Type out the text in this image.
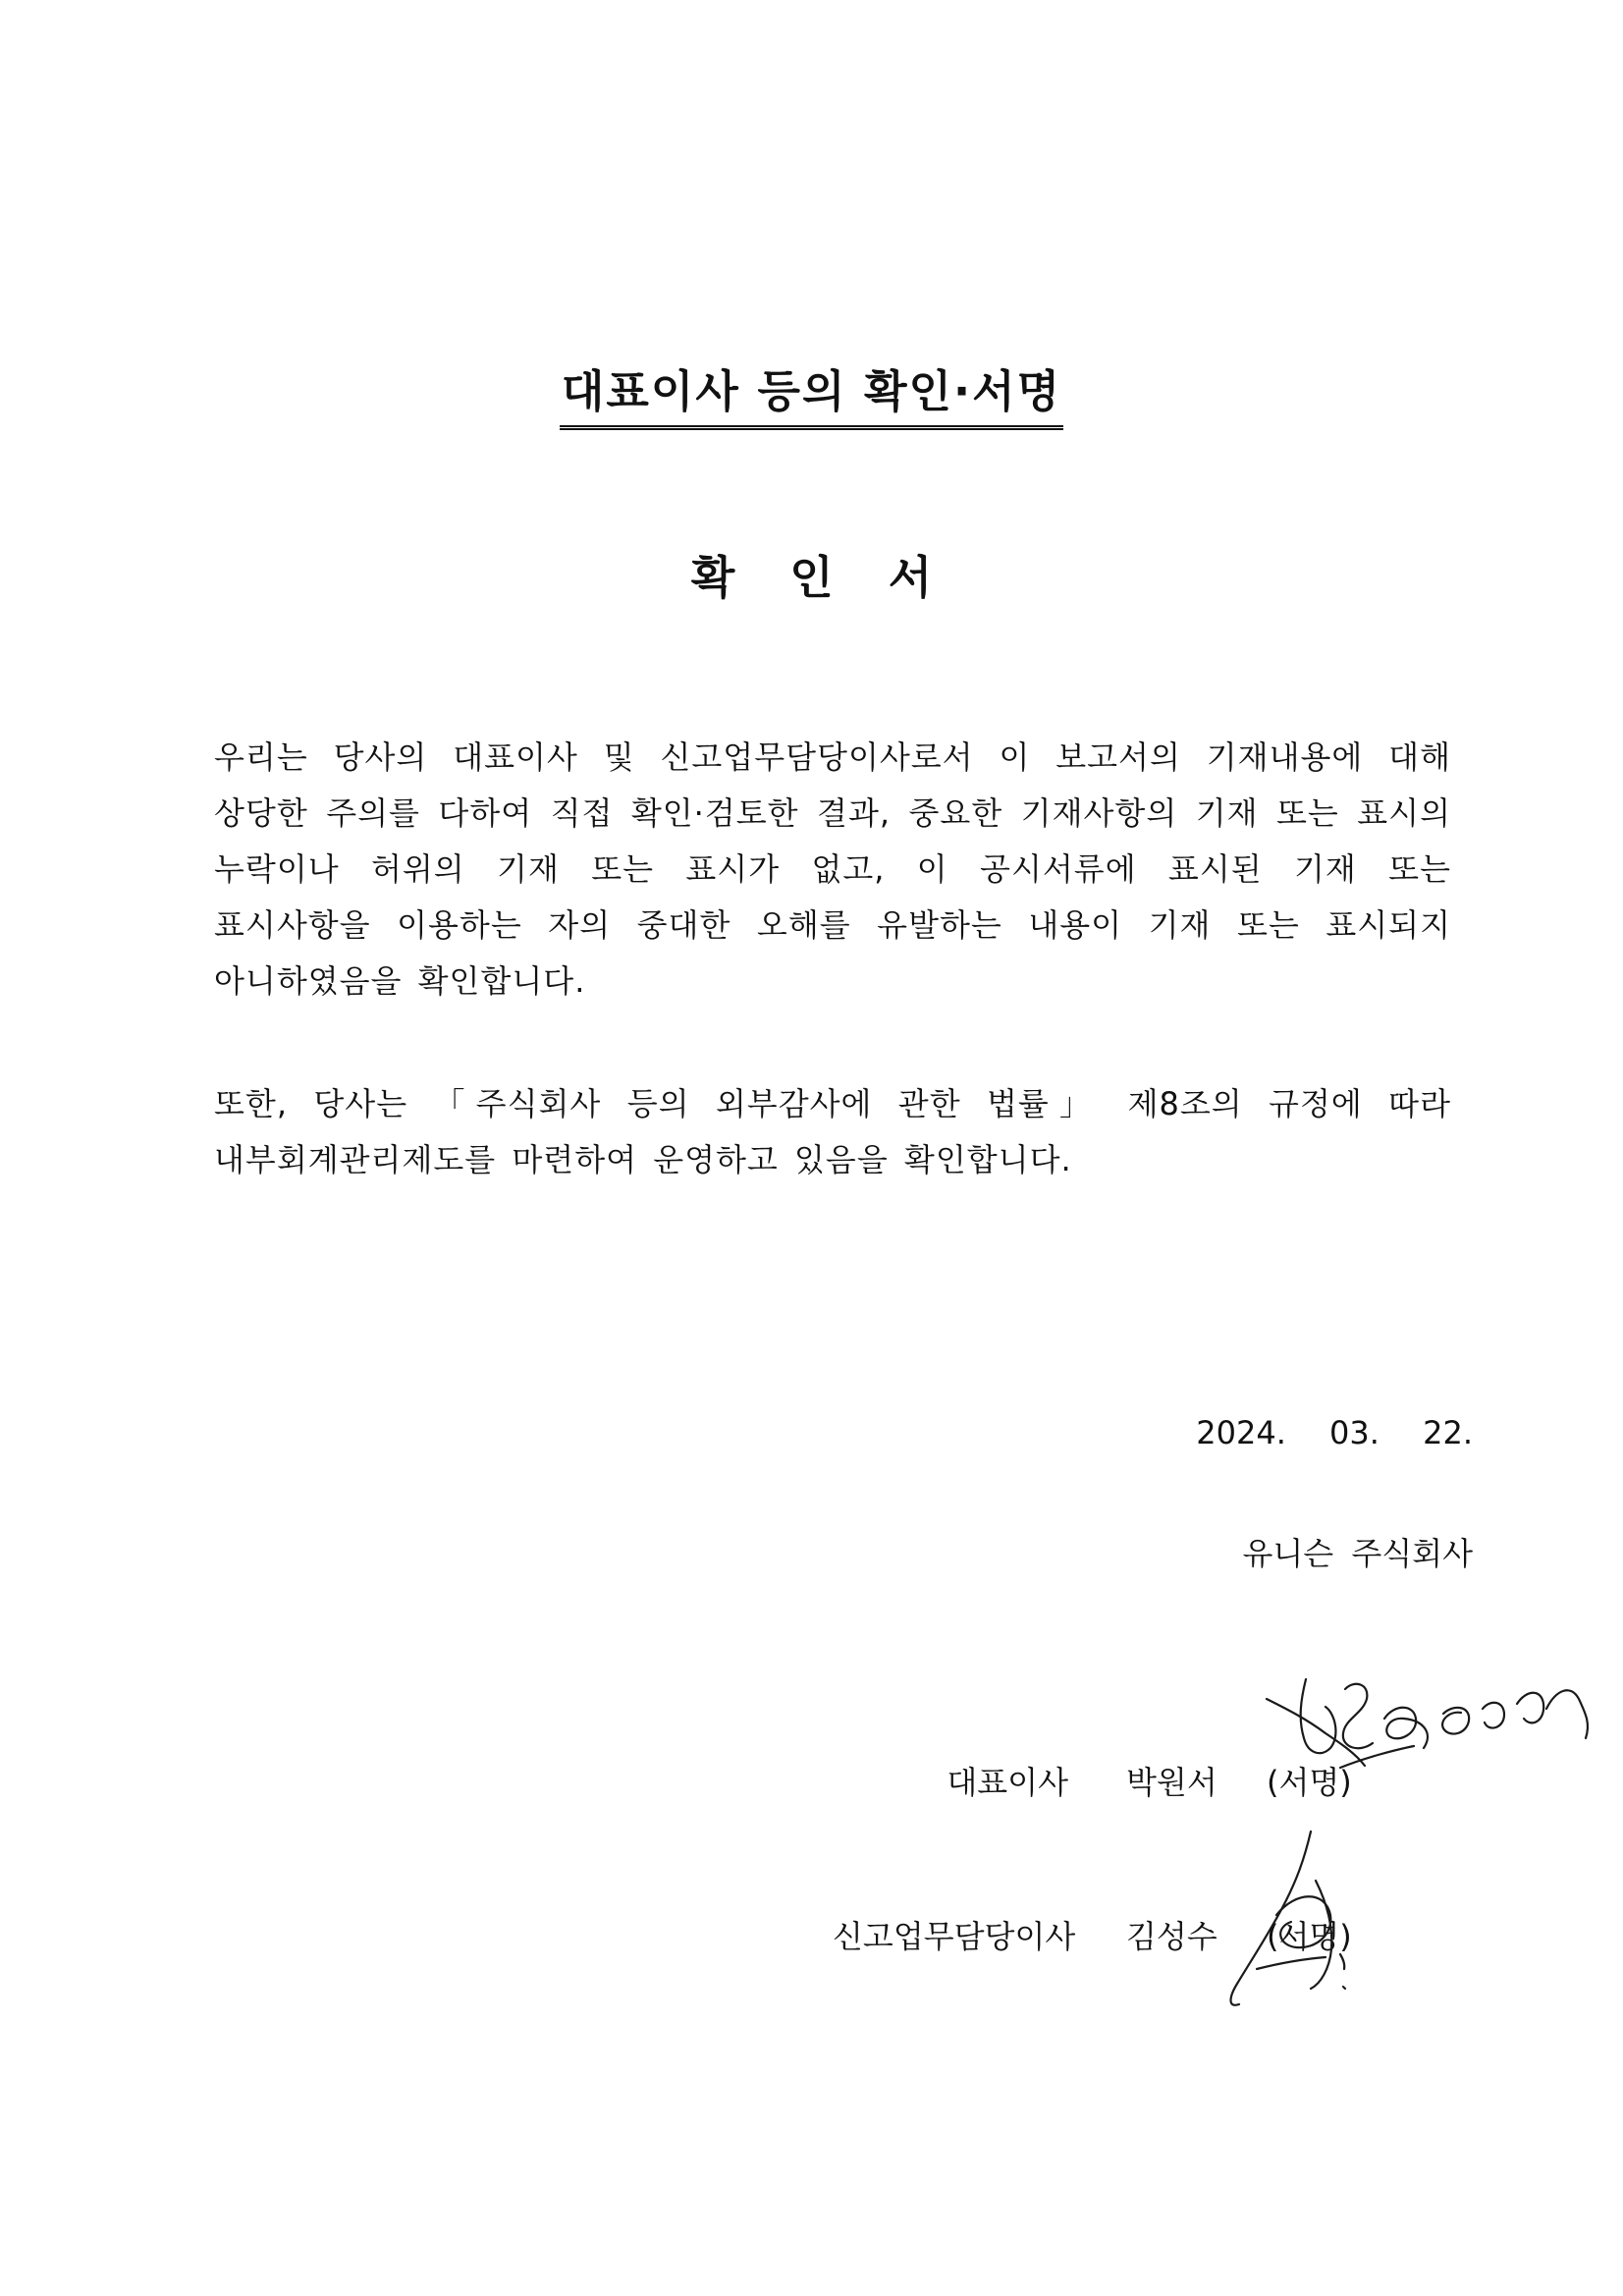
대표이사 등의 확인·서명
확 인 서

우리는 당사의 대표이사 및 신고업무담당이사로서 이 보고서의 기재내용에 대해 상당한 주의를 다하여 직접 확인·검토한 결과, 중요한 기재사항의 기재 또는 표시의 누락이나 허위의 기재 또는 표시가 없고, 이 공시서류에 표시된 기재 또는 표시사항을 이용하는 자의 중대한 오해를 유발하는 내용이 기재 또는 표시되지 아니하였음을 확인합니다.

또한, 당사는 「주식회사 등의 외부감사에 관한 법률」 제8조의 규정에 따라 내부회계관리제도를 마련하여 운영하고 있음을 확인합니다.

2024. 03. 22.
유니슨 주식회사
대표이사 박원서 (서명)
신고업무담당이사 김성수 (서명)
